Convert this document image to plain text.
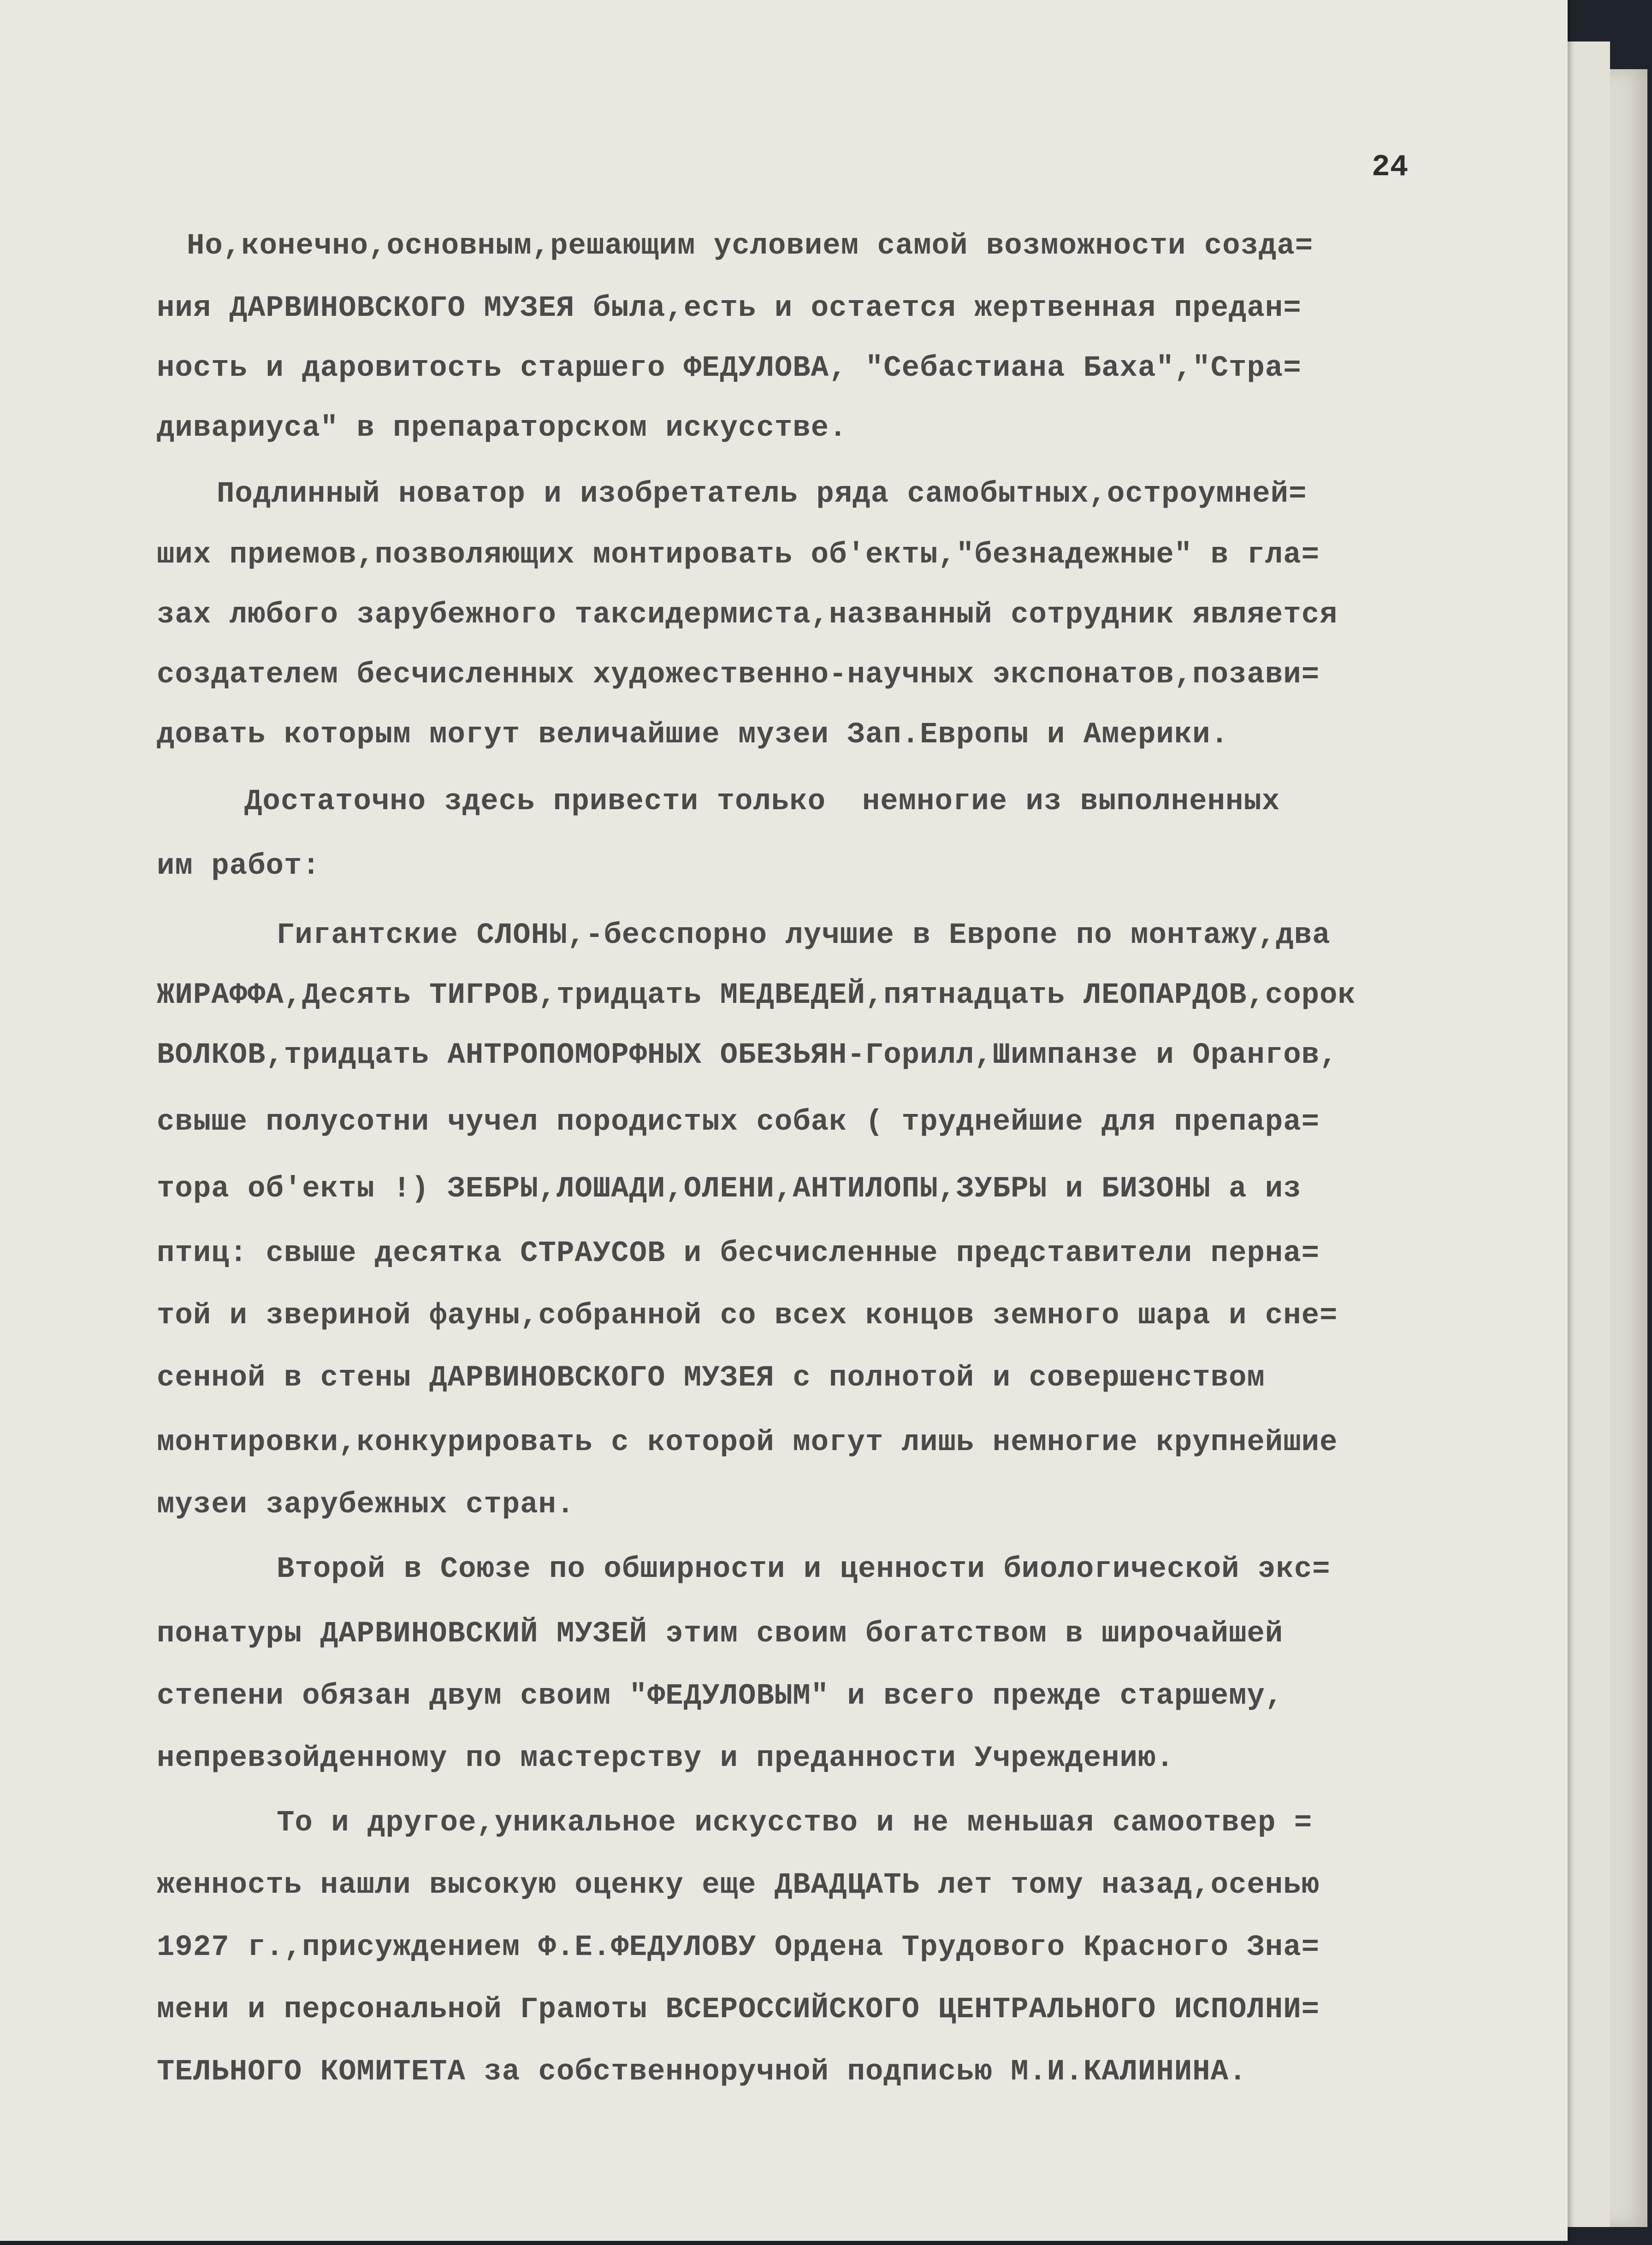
24
Но,конечно,основным,решающим условием самой возможности созда=
ния ДАРВИНОВСКОГО МУЗЕЯ была,есть и остается жертвенная предан=
ность и даровитость старшего ФЕДУЛОВА, "Себастиана Баха","Стра=
дивариуса" в препараторском искусстве.
Подлинный новатор и изобретатель ряда самобытных,остроумней=
ших приемов,позволяющих монтировать об'екты,"безнадежные" в гла=
зах любого зарубежного таксидермиста,названный сотрудник является
создателем бесчисленных художественно-научных экспонатов,позави=
довать которым могут величайшие музеи Зап.Европы и Америки.
Достаточно здесь привести только  немногие из выполненных
им работ:
Гигантские СЛОНЫ,-бесспорно лучшие в Европе по монтажу,два
ЖИРАФФА,Десять ТИГРОВ,тридцать МЕДВЕДЕЙ,пятнадцать ЛЕОПАРДОВ,сорок
ВОЛКОВ,тридцать АНТРОПОМОРФНЫХ ОБЕЗЬЯН-Горилл,Шимпанзе и Орангов,
свыше полусотни чучел породистых собак ( труднейшие для препара=
тора об'екты !) ЗЕБРЫ,ЛОШАДИ,ОЛЕНИ,АНТИЛОПЫ,ЗУБРЫ и БИЗОНЫ а из
птиц: свыше десятка СТРАУСОВ и бесчисленные представители перна=
той и звериной фауны,собранной со всех концов земного шара и сне=
сенной в стены ДАРВИНОВСКОГО МУЗЕЯ с полнотой и совершенством
монтировки,конкурировать с которой могут лишь немногие крупнейшие
музеи зарубежных стран.
Второй в Союзе по обширности и ценности биологической экс=
понатуры ДАРВИНОВСКИЙ МУЗЕЙ этим своим богатством в широчайшей
степени обязан двум своим "ФЕДУЛОВЫМ" и всего прежде старшему,
непревзойденному по мастерству и преданности Учреждению.
То и другое,уникальное искусство и не меньшая самоотвер =
женность нашли высокую оценку еще ДВАДЦАТЬ лет тому назад,осенью
1927 г.,присуждением Ф.Е.ФЕДУЛОВУ Ордена Трудового Красного Зна=
мени и персональной Грамоты ВСЕРОССИЙСКОГО ЦЕНТРАЛЬНОГО ИСПОЛНИ=
ТЕЛЬНОГО КОМИТЕТА за собственноручной подписью М.И.КАЛИНИНА.
